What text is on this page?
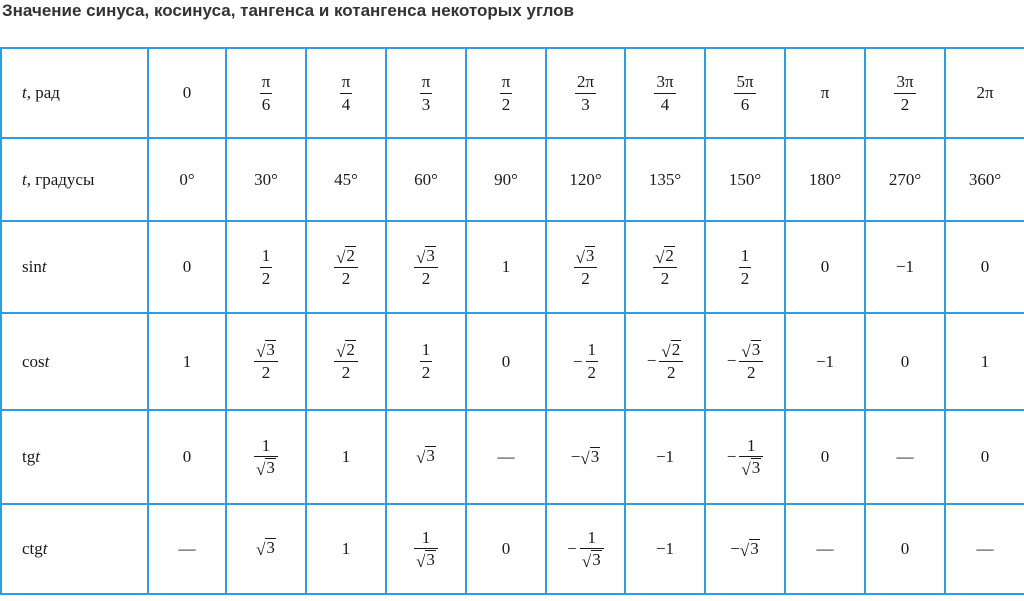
Значение синуса, косинуса, тангенса и котангенса некоторых углов
t, рад	0	$\frac{\pi}{6}$	$\frac{\pi}{4}$	$\frac{\pi}{3}$	$\frac{\pi}{2}$	$\frac{2\pi}{3}$	$\frac{3\pi}{4}$	$\frac{5\pi}{6}$	π	$\frac{3\pi}{2}$	2π

t, градусы	0°	30°	45°	60°	90°	120°	135°	150°	180°	270°	360°

sint	0	$\frac{1}{2}$	$\frac{√ 2}{2}$	$\frac{√ 3}{2}$	1	$\frac{√ 3}{2}$	$\frac{√ 2}{2}$	$\frac{1}{2}$	0	−1	0

cost	1	$\frac{√ 3}{2}$	$\frac{√ 2}{2}$	$\frac{1}{2}$	0	− $\frac{1}{2}$	− $\frac{√ 2}{2}$	− $\frac{√ 3}{2}$	−1	0	1

tgt	0	$\frac{1}{√ 3}$	1	√ 3	—	− √ 3	−1	− $\frac{1}{√ 3}$	0	—	0

ctgt	—	√ 3	1	$\frac{1}{√ 3}$	0	− $\frac{1}{√ 3}$	−1	− √ 3	—	0	—
